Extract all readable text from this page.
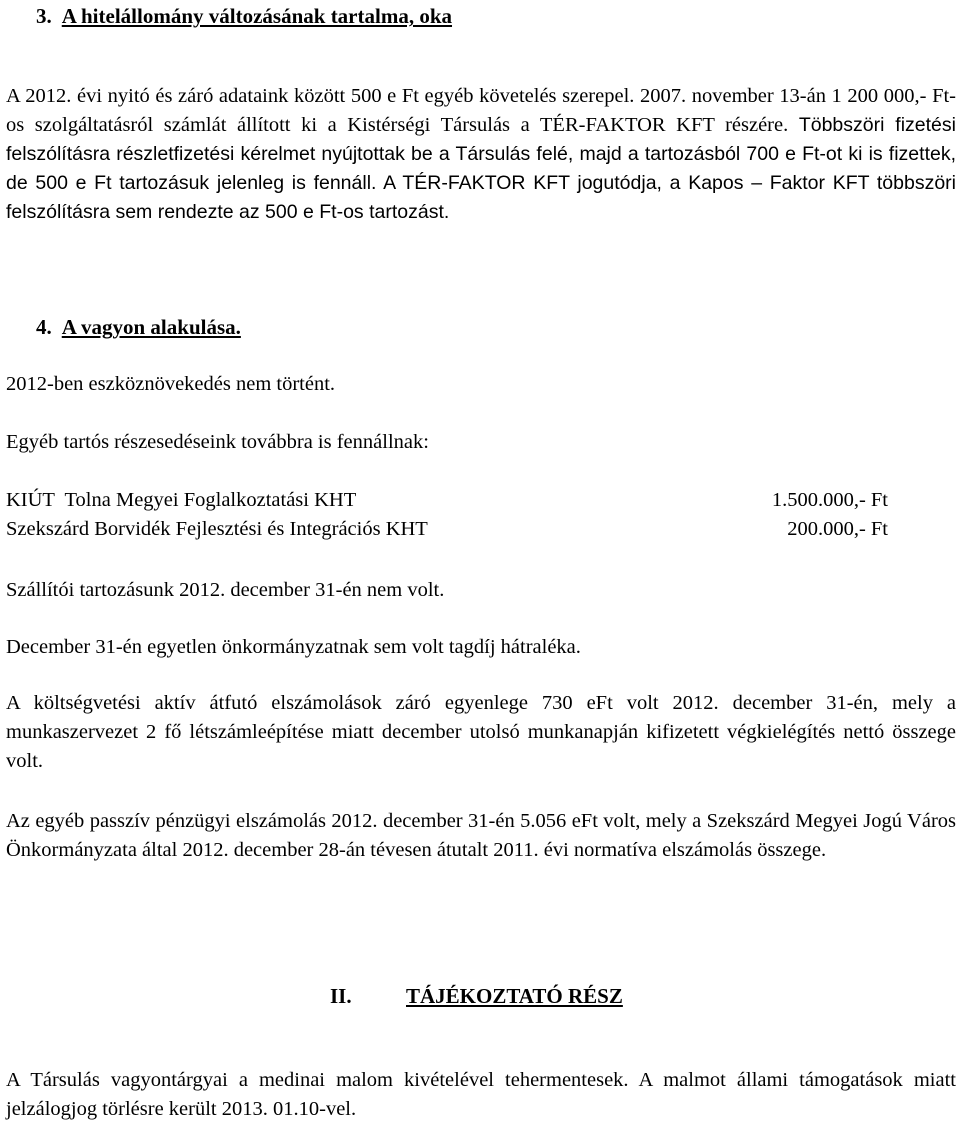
3. A hitelállomány változásának tartalma, oka

A 2012. évi nyitó és záró adataink között 500 e Ft egyéb követelés szerepel. 2007. november 13-án 1 200 000,- Ft-os szolgáltatásról számlát állított ki a Kistérségi Társulás a TÉR-FAKTOR KFT részére. Többszöri fizetési felszólításra részletfizetési kérelmet nyújtottak be a Társulás felé, majd a tartozásból 700 e Ft-ot ki is fizettek, de 500 e Ft tartozásuk jelenleg is fennáll. A TÉR-FAKTOR KFT jogutódja, a Kapos – Faktor KFT többszöri felszólításra sem rendezte az 500 e Ft-os tartozást.

4. A vagyon alakulása.

2012-ben eszköznövekedés nem történt.

Egyéb tartós részesedéseink továbbra is fennállnak:

KIÚT  Tolna Megyei Foglalkoztatási KHT	1.500.000,- Ft
Szekszárd Borvidék Fejlesztési és Integrációs KHT	200.000,- Ft

Szállítói tartozásunk 2012. december 31-én nem volt.

December 31-én egyetlen önkormányzatnak sem volt tagdíj hátraléka.

A költségvetési aktív átfutó elszámolások záró egyenlege 730 eFt volt 2012. december 31-én, mely a munkaszervezet 2 fő létszámleépítése miatt december utolsó munkanapján kifizetett végkielégítés nettó összege volt.

Az egyéb passzív pénzügyi elszámolás 2012. december 31-én 5.056 eFt volt, mely a Szekszárd Megyei Jogú Város Önkormányzata által 2012. december 28-án tévesen átutalt 2011. évi normatíva elszámolás összege.

II.	TÁJÉKOZTATÓ RÉSZ

A Társulás vagyontárgyai a medinai malom kivételével tehermentesek. A malmot állami támogatások miatt jelzálogjog törlésre került 2013. 01.10-vel.
